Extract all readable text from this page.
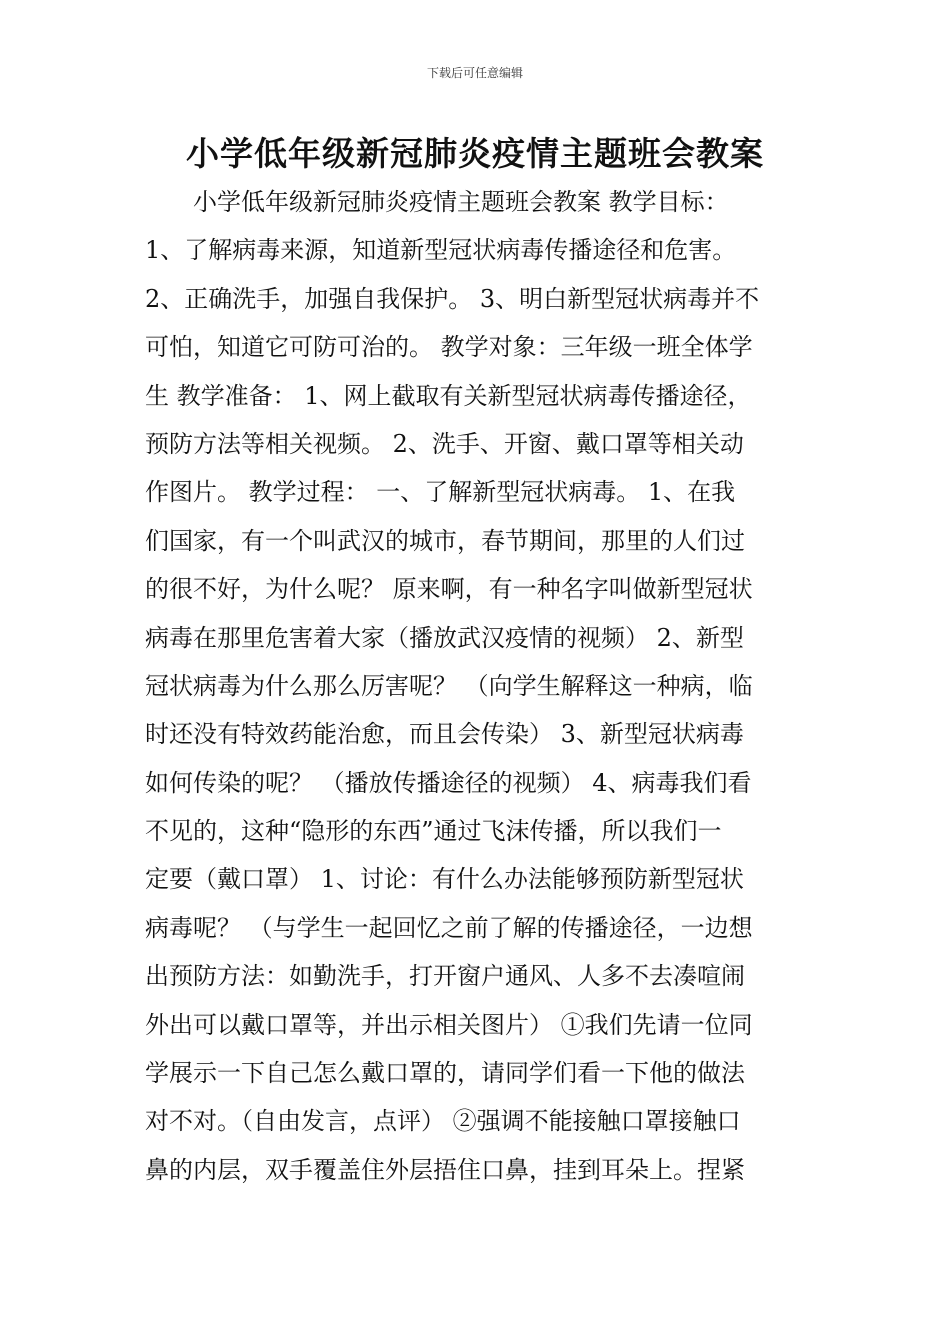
下载后可任意编辑
小学低年级新冠肺炎疫情主题班会教案
　　小学低年级新冠肺炎疫情主题班会教案 教学目标：
1、了解病毒来源，知道新型冠状病毒传播途径和危害。
2、正确洗手，加强自我保护。 3、明白新型冠状病毒并不
可怕，知道它可防可治的。 教学对象：三年级一班全体学
生 教学准备： 1、网上截取有关新型冠状病毒传播途径，
预防方法等相关视频。 2、洗手、开窗、戴口罩等相关动
作图片。 教学过程： 一、了解新型冠状病毒。 1、在我
们国家，有一个叫武汉的城市，春节期间，那里的人们过
的很不好，为什么呢？ 原来啊，有一种名字叫做新型冠状
病毒在那里危害着大家（播放武汉疫情的视频） 2、新型
冠状病毒为什么那么厉害呢？ （向学生解释这一种病，临
时还没有特效药能治愈，而且会传染） 3、新型冠状病毒
如何传染的呢？ （播放传播途径的视频） 4、病毒我们看
不见的，这种“隐形的东西”通过飞沫传播，所以我们一
定要（戴口罩） 1、讨论：有什么办法能够预防新型冠状
病毒呢？ （与学生一起回忆之前了解的传播途径，一边想
出预防方法：如勤洗手，打开窗户通风、人多不去凑喧闹
外出可以戴口罩等，并出示相关图片） ①我们先请一位同
学展示一下自己怎么戴口罩的，请同学们看一下他的做法
对不对。（自由发言，点评） ②强调不能接触口罩接触口
鼻的内层，双手覆盖住外层捂住口鼻，挂到耳朵上。捏紧
